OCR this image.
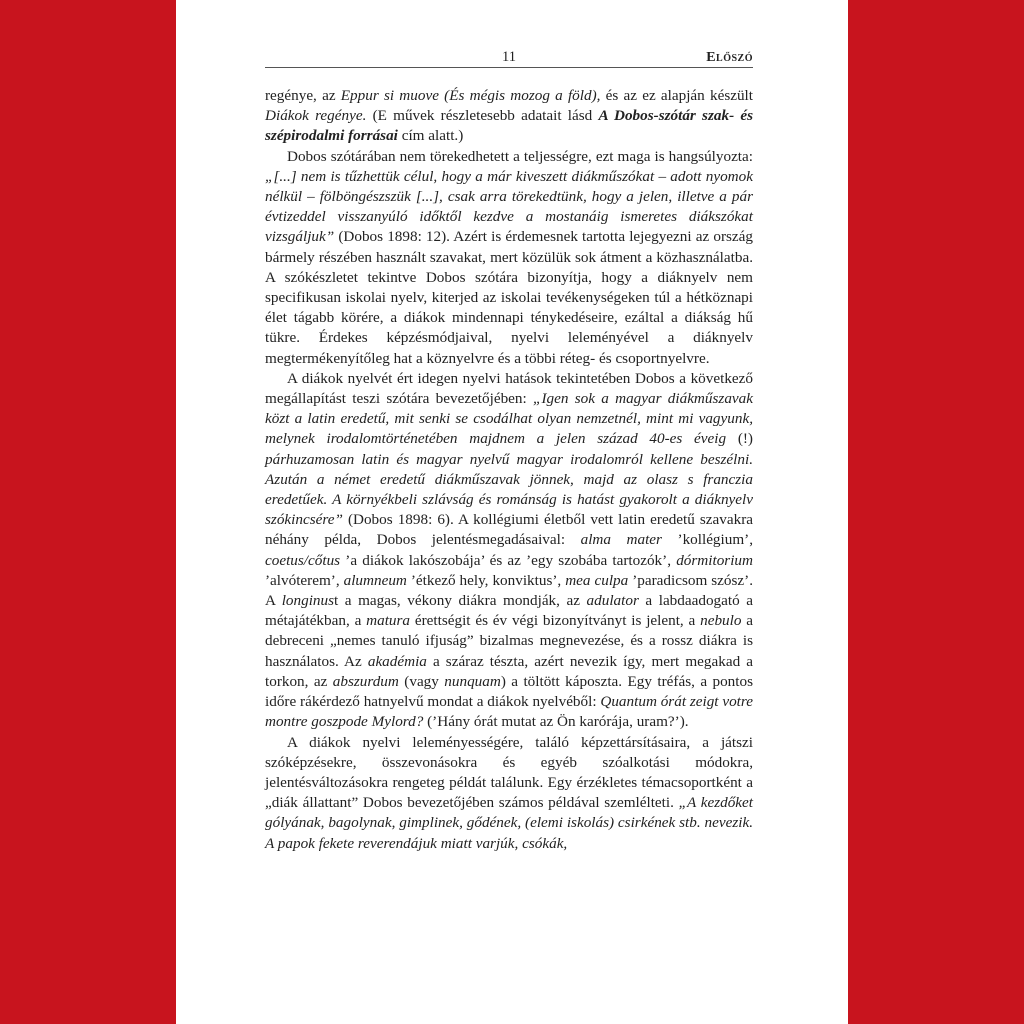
11	Előszó

regénye, az Eppur si muove (És mégis mozog a föld), és az ez alapján készült Diákok regénye. (E művek részletesebb adatait lásd A Dobos-szótár szak- és szépirodalmi forrásai cím alatt.)

Dobos szótárában nem törekedhetett a teljességre, ezt maga is hangsúlyozta: „[...] nem is tűzhettük célul, hogy a már kiveszett diákműszókat – adott nyomok nélkül – fölböngészszük [...], csak arra törekedtünk, hogy a jelen, illetve a pár évtizeddel visszanyúló időktől kezdve a mostanáig ismeretes diákszókat vizsgáljuk” (Dobos 1898: 12). Azért is érdemesnek tartotta lejegyezni az ország bármely részében használt szavakat, mert közülük sok átment a közhasználatba. A szókészletet tekintve Dobos szótára bizonyítja, hogy a diáknyelv nem specifikusan iskolai nyelv, kiterjed az iskolai tevékenységeken túl a hétköznapi élet tágabb körére, a diákok mindennapi ténykedéseire, ezáltal a diákság hű tükre. Érdekes képzésmódjaival, nyelvi leleményével a diáknyelv megtermékenyítőleg hat a köznyelvre és a többi réteg- és csoportnyelvre.

A diákok nyelvét ért idegen nyelvi hatások tekintetében Dobos a következő megállapítást teszi szótára bevezetőjében: „Igen sok a magyar diákműszavak közt a latin eredetű, mit senki se csodálhat olyan nemzetnél, mint mi vagyunk, melynek irodalomtörténetében majdnem a jelen század 40-es éveig (!) párhuzamosan latin és magyar nyelvű magyar irodalomról kellene beszélni. Azután a német eredetű diákműszavak jönnek, majd az olasz s franczia eredetűek. A környékbeli szlávság és románság is hatást gyakorolt a diáknyelv szókincsére” (Dobos 1898: 6). A kollégiumi életből vett latin eredetű szavakra néhány példa, Dobos jelentésmegadásaival: alma mater ’kollégium’, coetus/cőtus ’a diákok lakószobája’ és az ’egy szobába tartozók’, dórmitorium ’alvóterem’, alumneum ’étkező hely, konviktus’, mea culpa ’paradicsom szósz’. A longinust a magas, vékony diákra mondják, az adulator a labdaadogató a métajátékban, a matura érettségit és év végi bizonyítványt is jelent, a nebulo a debreceni „nemes tanuló ifjuság” bizalmas megnevezése, és a rossz diákra is használatos. Az akadémia a száraz tészta, azért nevezik így, mert megakad a torkon, az abszurdum (vagy nunquam) a töltött káposzta. Egy tréfás, a pontos időre rákérdező hatnyelvű mondat a diákok nyelvéből: Quantum órát zeigt votre montre goszpode Mylord? (’Hány órát mutat az Ön karórája, uram?’).

A diákok nyelvi leleményességére, találó képzettársításaira, a játszi szóképzésekre, összevonásokra és egyéb szóalkotási módokra, jelentésváltozásokra rengeteg példát találunk. Egy érzékletes témacsoportként a „diák állattant” Dobos bevezetőjében számos példával szemlélteti. „A kezdőket gólyának, bagolynak, gimplinek, gődének, (elemi iskolás) csirkének stb. nevezik. A papok fekete reverendájuk miatt varjúk, csókák,
